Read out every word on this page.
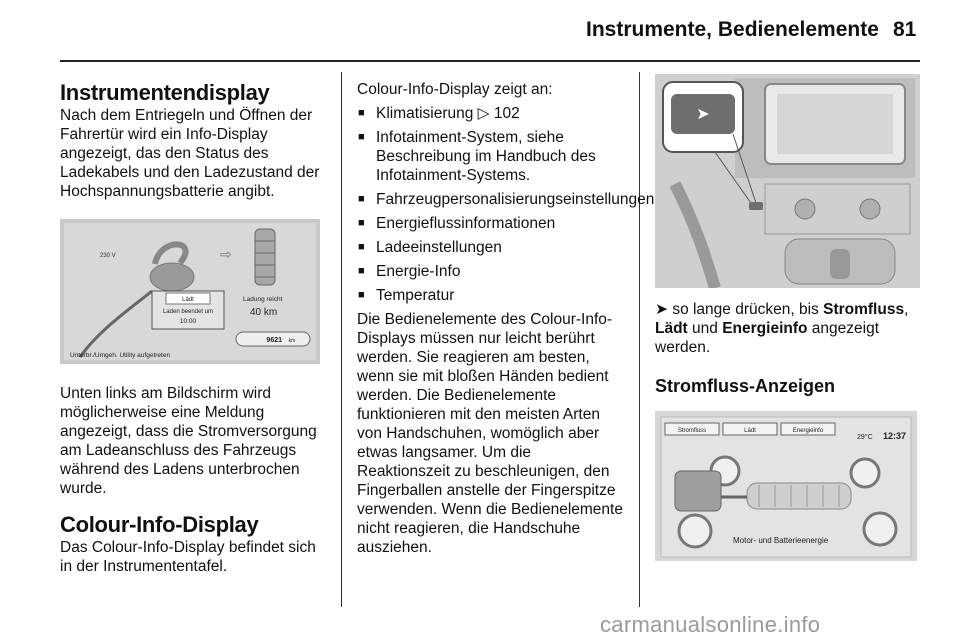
Instrumente, Bedienelemente 81
Instrumentendisplay

Nach dem Entriegeln und Öffnen der Fahrertür wird ein Info-Display angezeigt, das den Status des Ladekabels und den Ladezustand der Hochspannungsbatterie angibt.

230 V	⇨
Lädt
Laden beendet um
10:00
Ladung reicht
40 km
9621 km
Unterbr./Umgeh. Utility aufgetreten

Unten links am Bildschirm wird möglicherweise eine Meldung angezeigt, dass die Stromversorgung am Ladeanschluss des Fahrzeugs während des Ladens unterbrochen wurde.

Colour-Info-Display

Das Colour-Info-Display befindet sich in der Instrumententafel.

Colour-Info-Display zeigt an:

■ Klimatisierung ▷ 102
■ Infotainment-System, siehe Beschreibung im Handbuch des Infotainment-Systems.
■ Fahrzeugpersonalisierungseinstellungen
■ Energieflussinformationen
■ Ladeeinstellungen
■ Energie-Info
■ Temperatur

Die Bedienelemente des Colour-Info-Displays müssen nur leicht berührt werden. Sie reagieren am besten, wenn sie mit bloßen Händen bedient werden. Die Bedienelemente funktionieren mit den meisten Arten von Handschuhen, womöglich aber etwas langsamer. Um die Reaktionszeit zu beschleunigen, den Fingerballen anstelle der Fingerspitze verwenden. Wenn die Bedienelemente nicht reagieren, die Handschuhe ausziehen.

➤

➤ so lange drücken, bis Stromfluss, Lädt und Energieinfo angezeigt werden.

Stromfluss-Anzeigen
Stromfluss	Lädt	Energieinfo
29°C 12:37
Motor- und Batterieenergie
carmanualsonline.info
